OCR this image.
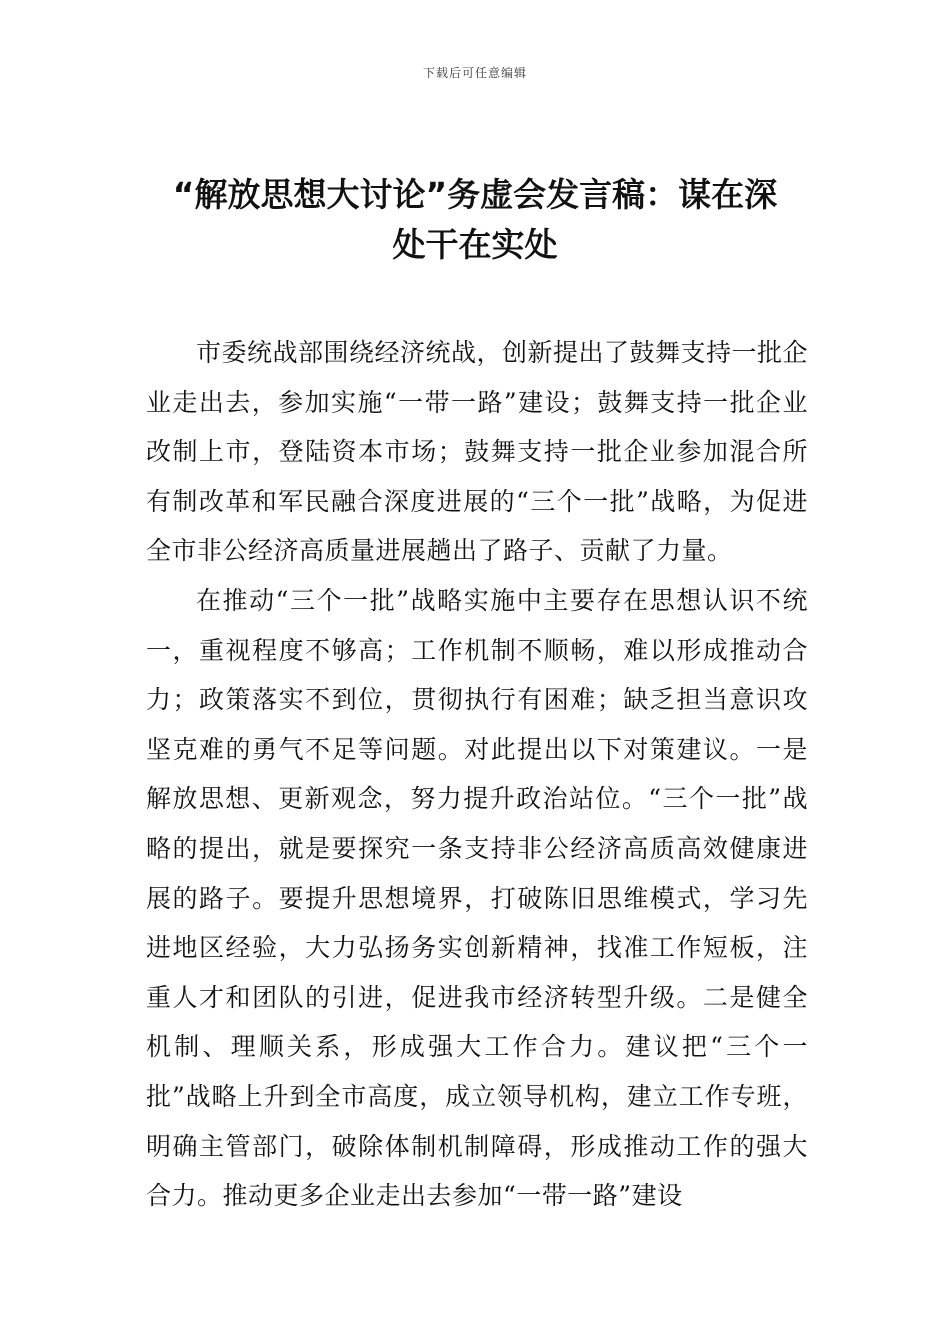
下载后可任意编辑
“解放思想大讨论”务虚会发言稿：谋在深
处干在实处

市委统战部围绕经济统战，创新提出了鼓舞支持一批企业走出去，参加实施“一带一路”建设；鼓舞支持一批企业改制上市，登陆资本市场；鼓舞支持一批企业参加混合所有制改革和军民融合深度进展的“三个一批”战略，为促进全市非公经济高质量进展趟出了路子、贡献了力量。

在推动“三个一批”战略实施中主要存在思想认识不统一，重视程度不够高；工作机制不顺畅，难以形成推动合力；政策落实不到位，贯彻执行有困难；缺乏担当意识攻坚克难的勇气不足等问题。对此提出以下对策建议。一是解放思想、更新观念，努力提升政治站位。“三个一批”战略的提出，就是要探究一条支持非公经济高质高效健康进展的路子。要提升思想境界，打破陈旧思维模式，学习先进地区经验，大力弘扬务实创新精神，找准工作短板，注重人才和团队的引进，促进我市经济转型升级。二是健全机制、理顺关系，形成强大工作合力。建议把“三个一批”战略上升到全市高度，成立领导机构，建立工作专班，明确主管部门，破除体制机制障碍，形成推动工作的强大合力。推动更多企业走出去参加“一带一路”建设
